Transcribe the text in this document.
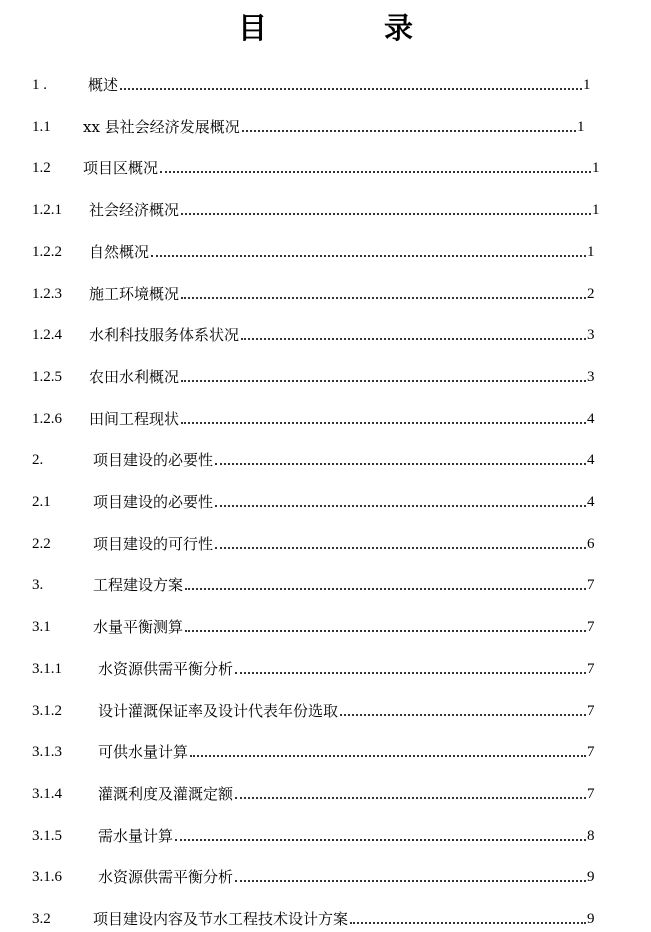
目　录
1 .	概述	1
1.1 xx 县社会经济发展概况	1
1.2 项目区概况	1
1.2.1 社会经济概况	1
1.2.2 自然概况	1
1.2.3 施工环境概况	2
1.2.4 水利科技服务体系状况	3
1.2.5 农田水利概况	3
1.2.6 田间工程现状	4
2.	项目建设的必要性	4
2.1	项目建设的必要性	4
2.2	项目建设的可行性	6
3.	工程建设方案	7
3.1	水量平衡测算	7
3.1.1 水资源供需平衡分析	7
3.1.2 设计灌溉保证率及设计代表年份选取	7
3.1.3 可供水量计算	7
3.1.4 灌溉利度及灌溉定额	7
3.1.5 需水量计算	8
3.1.6 水资源供需平衡分析	9
3.2	项目建设内容及节水工程技术设计方案	9
